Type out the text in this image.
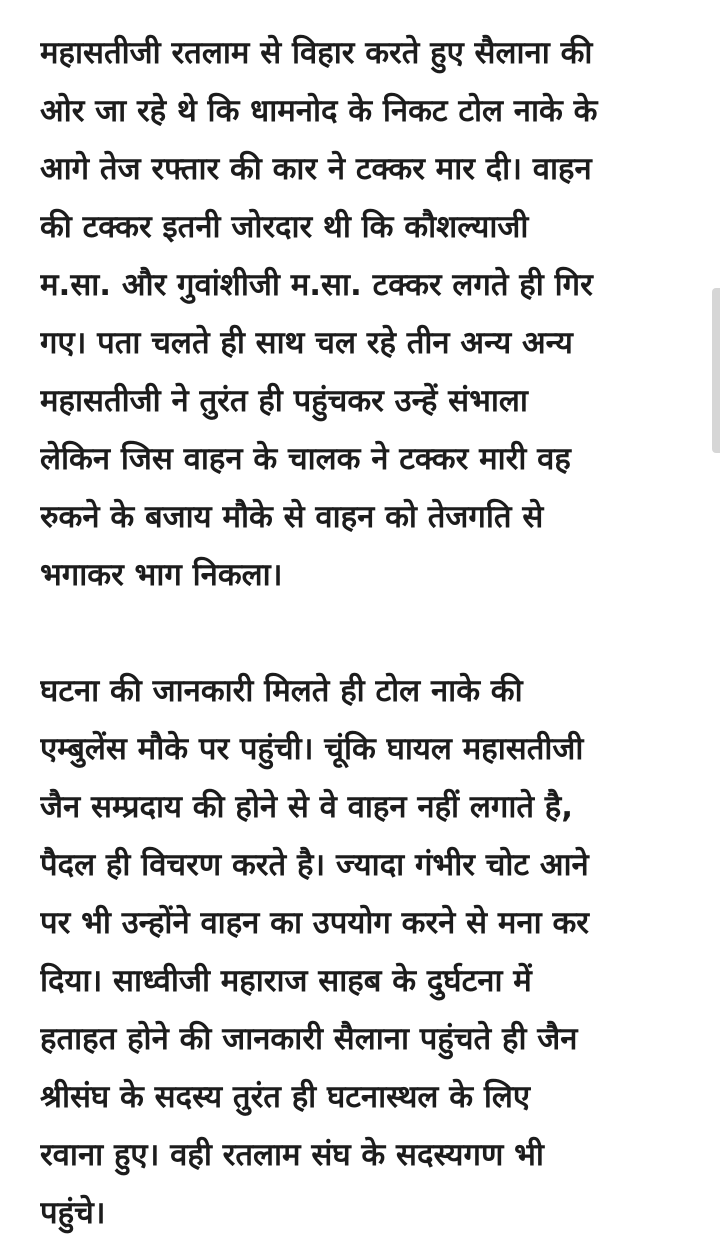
महासतीजी रतलाम से विहार करते हुए सैलाना की
ओर जा रहे थे कि धामनोद के निकट टोल नाके के
आगे तेज रफ्तार की कार ने टक्कर मार दी। वाहन
की टक्कर इतनी जोरदार थी कि कौशल्याजी
म.सा. और गुवांशीजी म.सा. टक्कर लगते ही गिर
गए। पता चलते ही साथ चल रहे तीन अन्य अन्य
महासतीजी ने तुरंत ही पहुंचकर उन्हें संभाला
लेकिन जिस वाहन के चालक ने टक्कर मारी वह
रुकने के बजाय मौके से वाहन को तेजगति से
भगाकर भाग निकला।
घटना की जानकारी मिलते ही टोल नाके की
एम्बुलेंस मौके पर पहुंची। चूंकि घायल महासतीजी
जैन सम्प्रदाय की होने से वे वाहन नहीं लगाते है,
पैदल ही विचरण करते है। ज्यादा गंभीर चोट आने
पर भी उन्होंने वाहन का उपयोग करने से मना कर
दिया। साध्वीजी महाराज साहब के दुर्घटना में
हताहत होने की जानकारी सैलाना पहुंचते ही जैन
श्रीसंघ के सदस्य तुरंत ही घटनास्थल के लिए
रवाना हुए। वही रतलाम संघ के सदस्यगण भी
पहुंचे।
